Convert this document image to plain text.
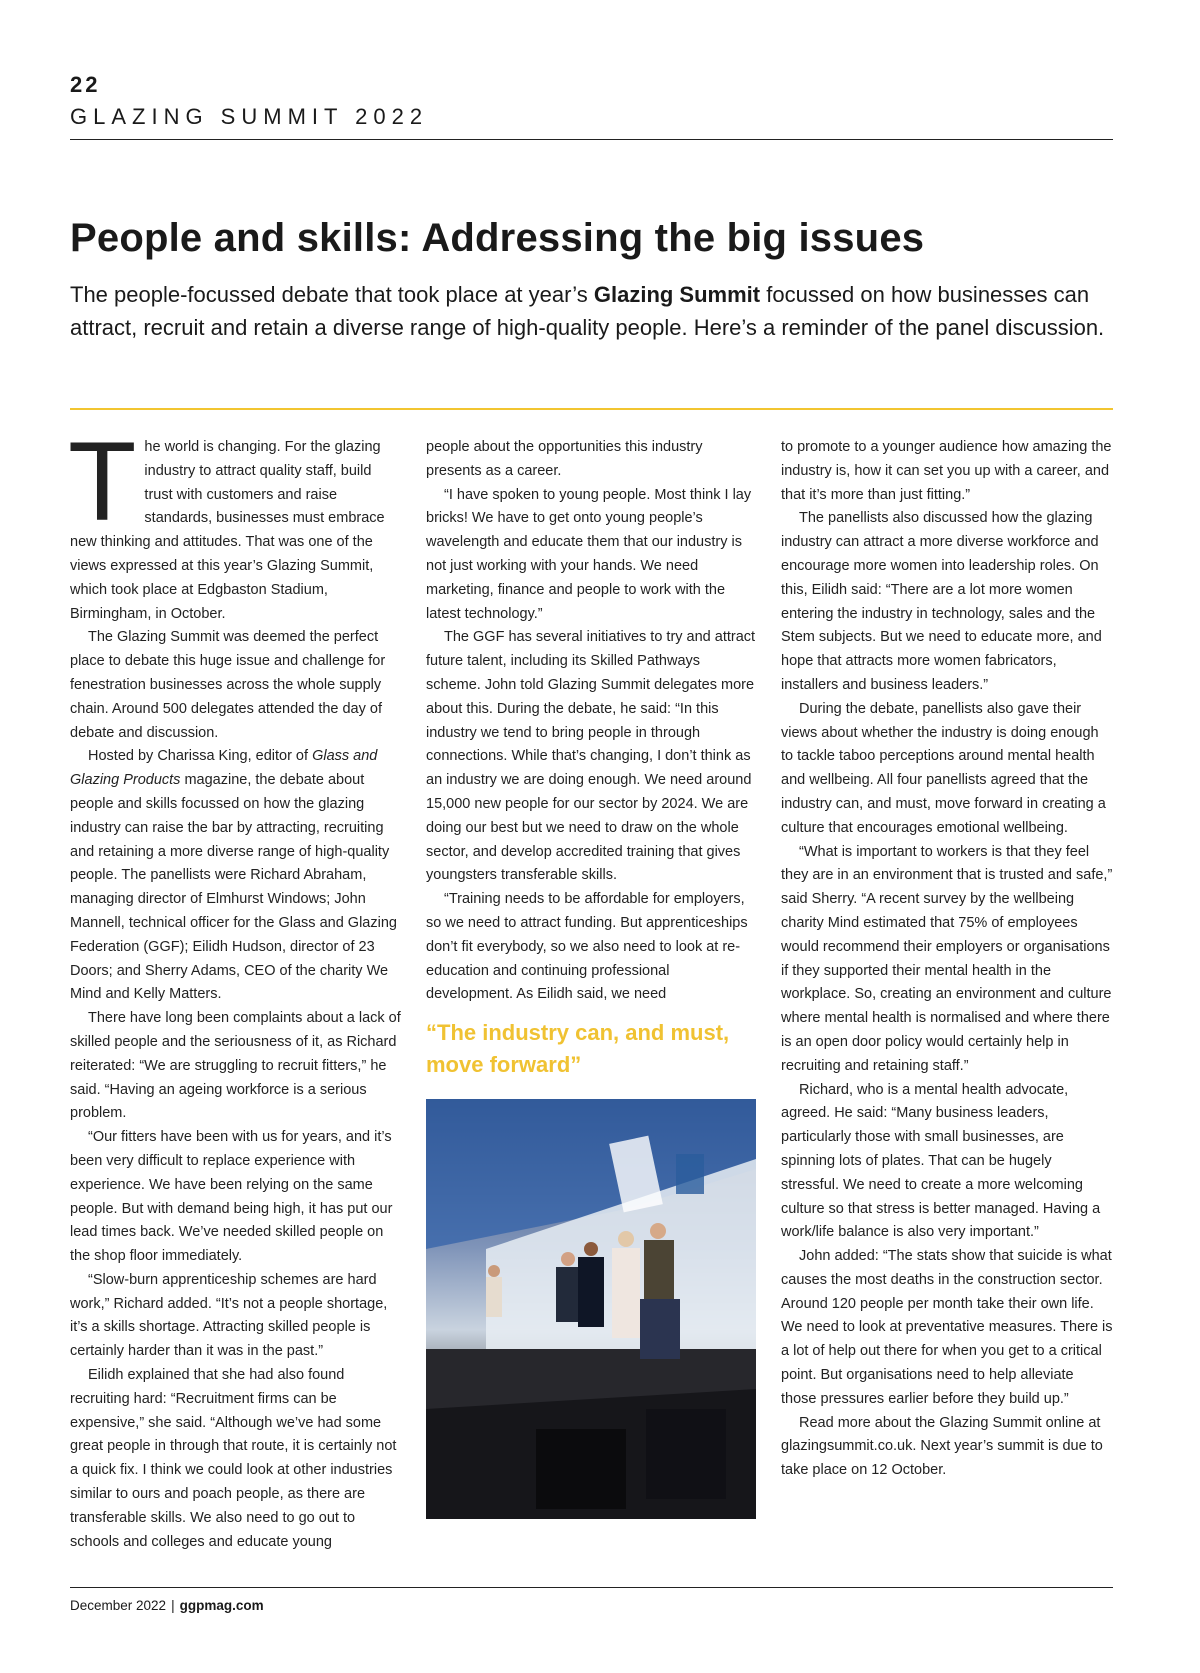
22
GLAZING SUMMIT 2022
People and skills: Addressing the big issues

The people-focussed debate that took place at year’s Glazing Summit focussed on how businesses can attract, recruit and retain a diverse range of high-quality people. Here’s a reminder of the panel discussion.

The world is changing. For the glazing industry to attract quality staff, build trust with customers and raise standards, businesses must embrace new thinking and attitudes. That was one of the views expressed at this year’s Glazing Summit, which took place at Edgbaston Stadium, Birmingham, in October.

The Glazing Summit was deemed the perfect place to debate this huge issue and challenge for fenestration businesses across the whole supply chain. Around 500 delegates attended the day of debate and discussion.

Hosted by Charissa King, editor of Glass and Glazing Products magazine, the debate about people and skills focussed on how the glazing industry can raise the bar by attracting, recruiting and retaining a more diverse range of high-quality people. The panellists were Richard Abraham, managing director of Elmhurst Windows; John Mannell, technical officer for the Glass and Glazing Federation (GGF); Eilidh Hudson, director of 23 Doors; and Sherry Adams, CEO of the charity We Mind and Kelly Matters.

There have long been complaints about a lack of skilled people and the seriousness of it, as Richard reiterated: “We are struggling to recruit fitters,” he said. “Having an ageing workforce is a serious problem.

“Our fitters have been with us for years, and it’s been very difficult to replace experience with experience. We have been relying on the same people. But with demand being high, it has put our lead times back. We’ve needed skilled people on the shop floor immediately.

“Slow-burn apprenticeship schemes are hard work,” Richard added. “It’s not a people shortage, it’s a skills shortage. Attracting skilled people is certainly harder than it was in the past.”

Eilidh explained that she had also found recruiting hard: “Recruitment firms can be expensive,” she said. “Although we’ve had some great people in through that route, it is certainly not a quick fix. I think we could look at other industries similar to ours and poach people, as there are transferable skills. We also need to go out to schools and colleges and educate young

people about the opportunities this industry presents as a career.

“I have spoken to young people. Most think I lay bricks! We have to get onto young people’s wavelength and educate them that our industry is not just working with your hands. We need marketing, finance and people to work with the latest technology.”

The GGF has several initiatives to try and attract future talent, including its Skilled Pathways scheme. John told Glazing Summit delegates more about this. During the debate, he said: “In this industry we tend to bring people in through connections. While that’s changing, I don’t think as an industry we are doing enough. We need around 15,000 new people for our sector by 2024. We are doing our best but we need to draw on the whole sector, and develop accredited training that gives youngsters transferable skills.

“Training needs to be affordable for employers, so we need to attract funding. But apprenticeships don’t fit everybody, so we also need to look at re-education and continuing professional development. As Eilidh said, we need

“The industry can, and must, move forward”

to promote to a younger audience how amazing the industry is, how it can set you up with a career, and that it’s more than just fitting.”

The panellists also discussed how the glazing industry can attract a more diverse workforce and encourage more women into leadership roles. On this, Eilidh said: “There are a lot more women entering the industry in technology, sales and the Stem subjects. But we need to educate more, and hope that attracts more women fabricators, installers and business leaders.”

During the debate, panellists also gave their views about whether the industry is doing enough to tackle taboo perceptions around mental health and wellbeing. All four panellists agreed that the industry can, and must, move forward in creating a culture that encourages emotional wellbeing.

“What is important to workers is that they feel they are in an environment that is trusted and safe,” said Sherry. “A recent survey by the wellbeing charity Mind estimated that 75% of employees would recommend their employers or organisations if they supported their mental health in the workplace. So, creating an environment and culture where mental health is normalised and where there is an open door policy would certainly help in recruiting and retaining staff.”

Richard, who is a mental health advocate, agreed. He said: “Many business leaders, particularly those with small businesses, are spinning lots of plates. That can be hugely stressful. We need to create a more welcoming culture so that stress is better managed. Having a work/life balance is also very important.”

John added: “The stats show that suicide is what causes the most deaths in the construction sector. Around 120 people per month take their own life. We need to look at preventative measures. There is a lot of help out there for when you get to a critical point. But organisations need to help alleviate those pressures earlier before they build up.”

Read more about the Glazing Summit online at glazingsummit.co.uk. Next year’s summit is due to take place on 12 October.

December 2022 | ggpmag.com
